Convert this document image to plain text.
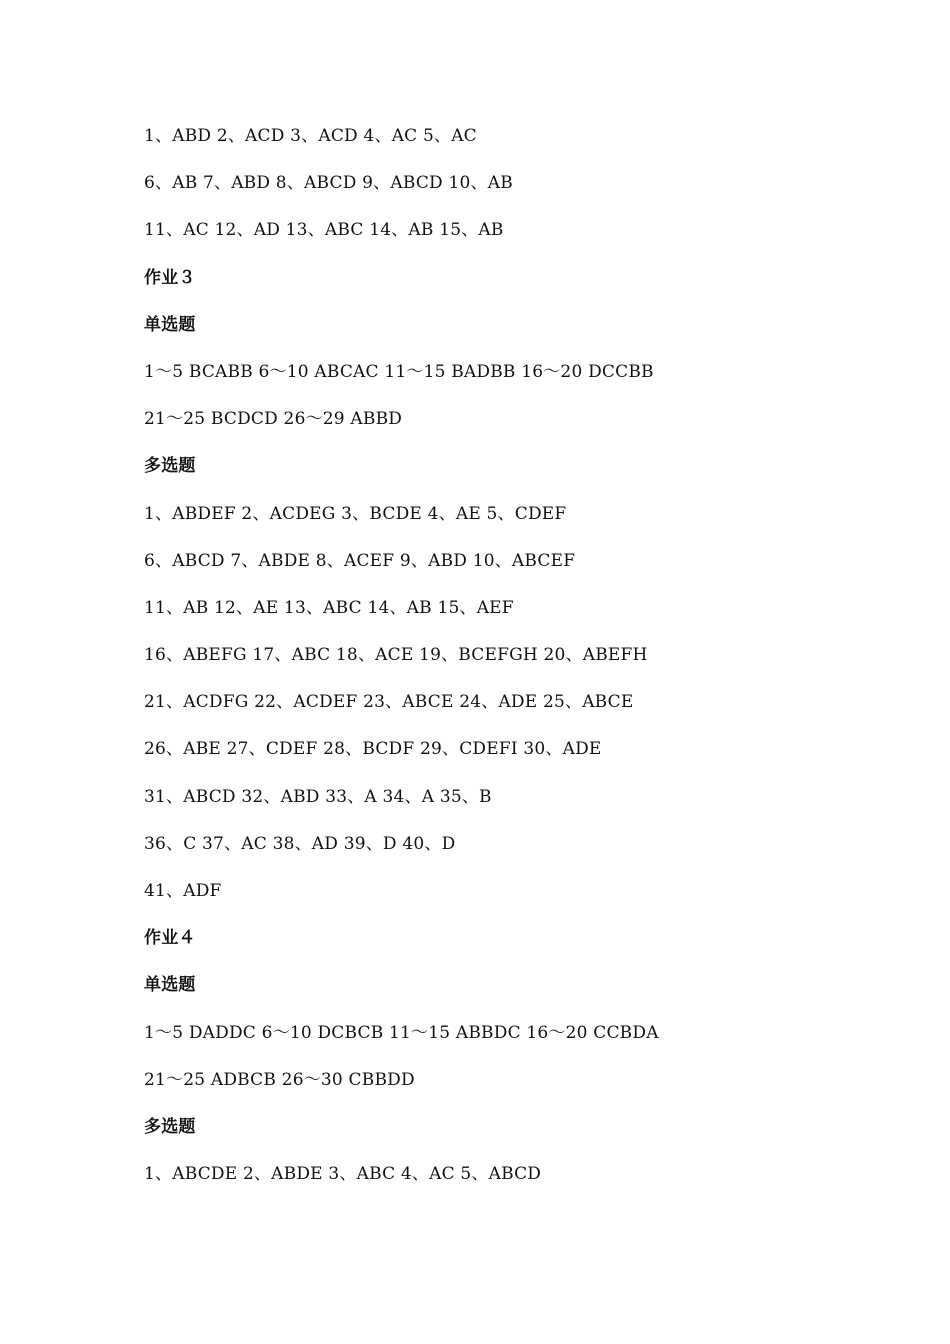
1、ABD 2、ACD 3、ACD 4、AC 5、AC
6、AB 7、ABD 8、ABCD 9、ABCD 10、AB
11、AC 12、AD 13、ABC 14、AB 15、AB
作业３
单选题
1～5 BCABB 6～10 ABCAC 11～15 BADBB 16～20 DCCBB
21～25 BCDCD 26～29 ABBD
多选题
1、ABDEF 2、ACDEG 3、BCDE 4、AE 5、CDEF
6、ABCD 7、ABDE 8、ACEF 9、ABD 10、ABCEF
11、AB 12、AE 13、ABC 14、AB 15、AEF
16、ABEFG 17、ABC 18、ACE 19、BCEFGH 20、ABEFH
21、ACDFG 22、ACDEF 23、ABCE 24、ADE 25、ABCE
26、ABE 27、CDEF 28、BCDF 29、CDEFI 30、ADE
31、ABCD 32、ABD 33、A 34、A 35、B
36、C 37、AC 38、AD 39、D 40、D
41、ADF
作业４
单选题
1～5 DADDC 6～10 DCBCB 11～15 ABBDC 16～20 CCBDA
21～25 ADBCB 26～30 CBBDD
多选题
1、ABCDE 2、ABDE 3、ABC 4、AC 5、ABCD
